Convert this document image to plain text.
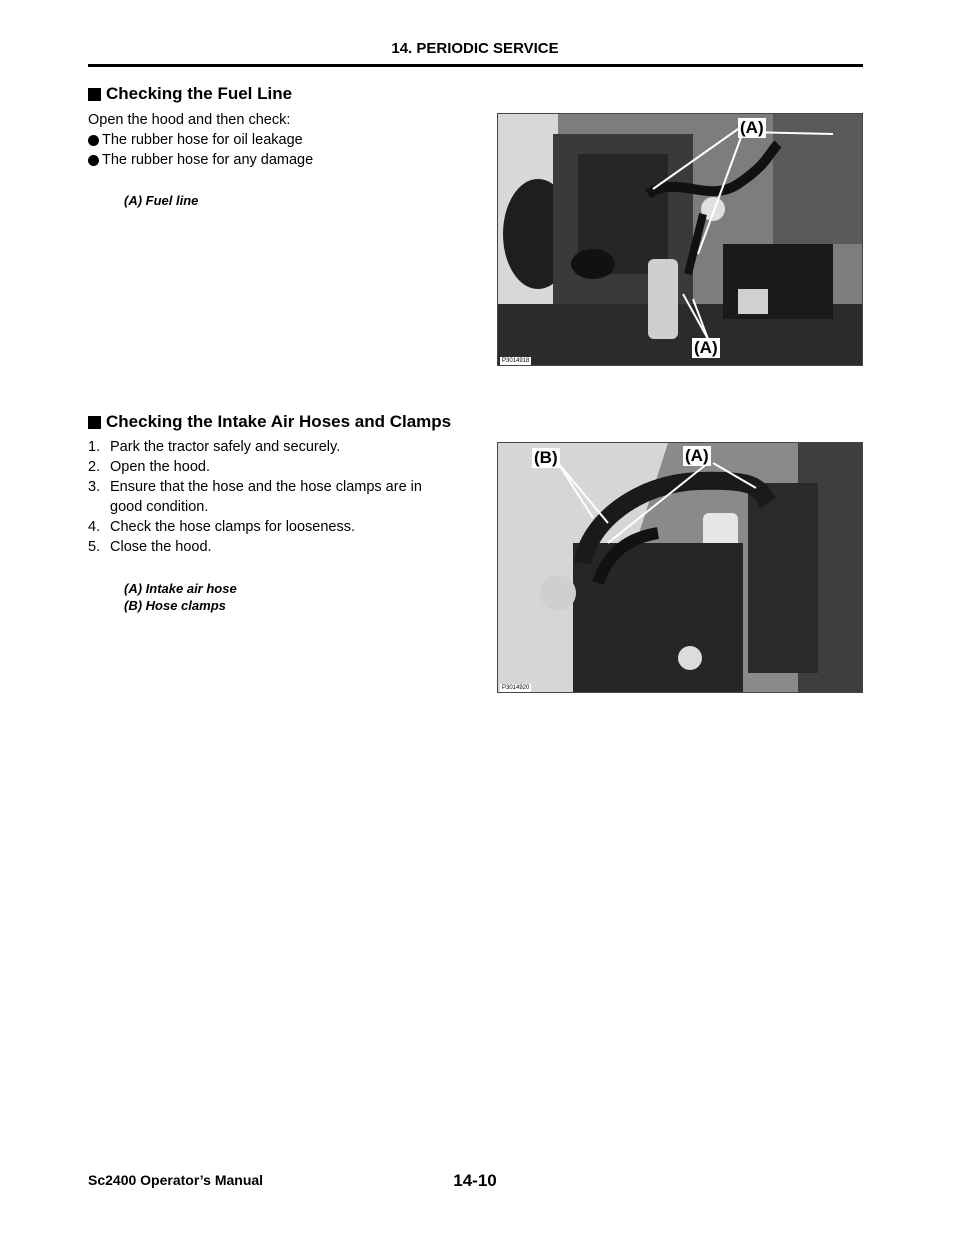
14. PERIODIC SERVICE
Checking the Fuel Line
Open the hood and then check:
The rubber hose for oil leakage
The rubber hose for any damage
(A) Fuel line
(A)
(A)
P3014918
Checking the Intake Air Hoses and Clamps
1. Park the tractor safely and securely.
2. Open the hood.
3. Ensure that the hose and the hose clamps are in good condition.
4. Check the hose clamps for looseness.
5. Close the hood.
(A) Intake air hose
(B) Hose clamps
(A)
(B)
P3014920
Sc2400 Operator’s Manual	14-10
